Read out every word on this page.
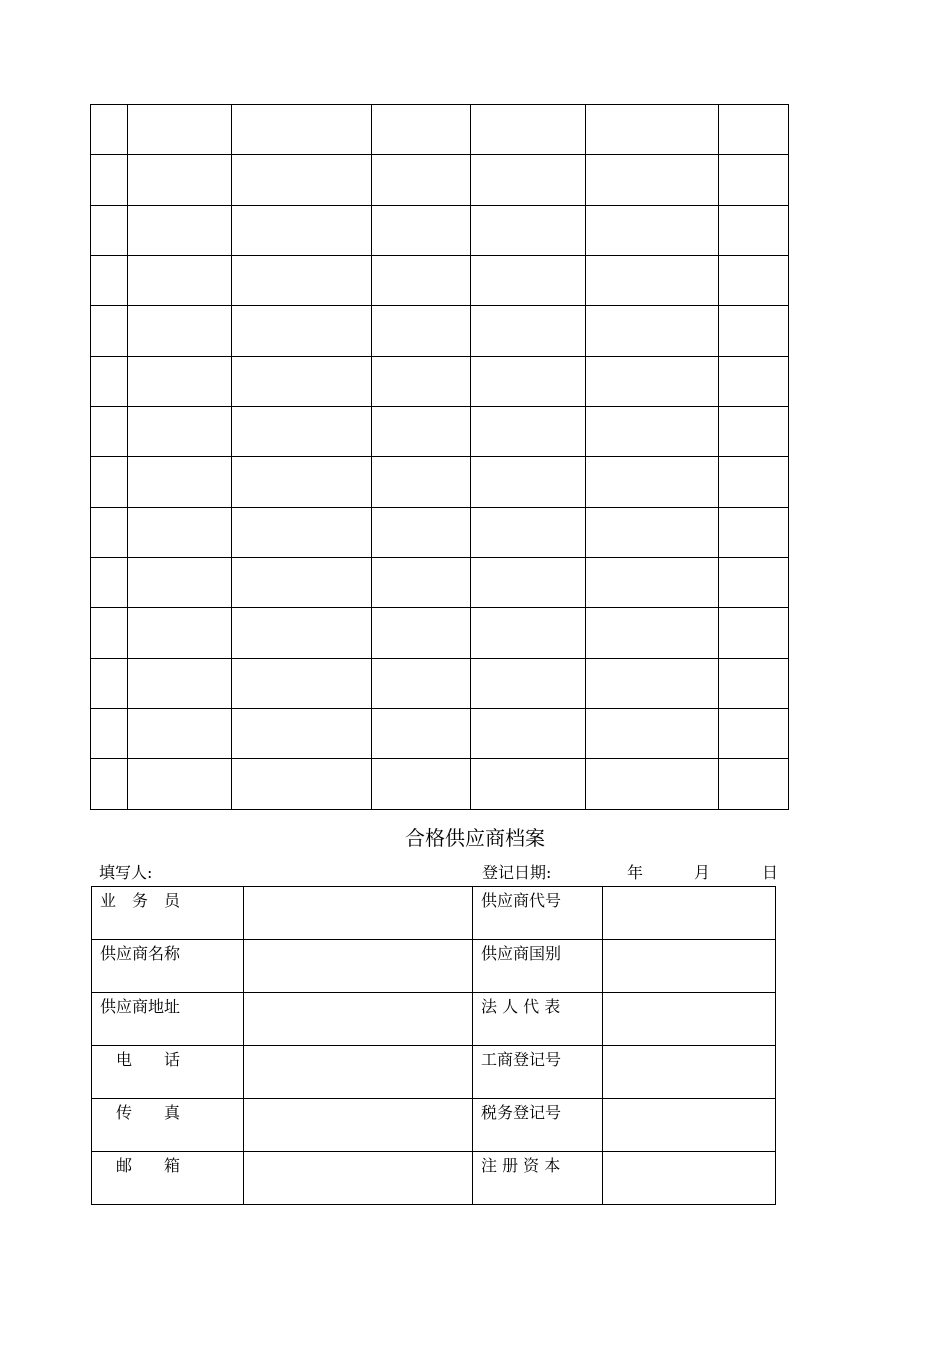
合格供应商档案
填写人:	登记日期:	年	月	日
业　务　员		供应商代号	
供应商名称		供应商国别	
供应商地址		法 人 代 表	
　电　　话		工商登记号	
　传　　真		税务登记号	
　邮　　箱		注 册 资 本	
